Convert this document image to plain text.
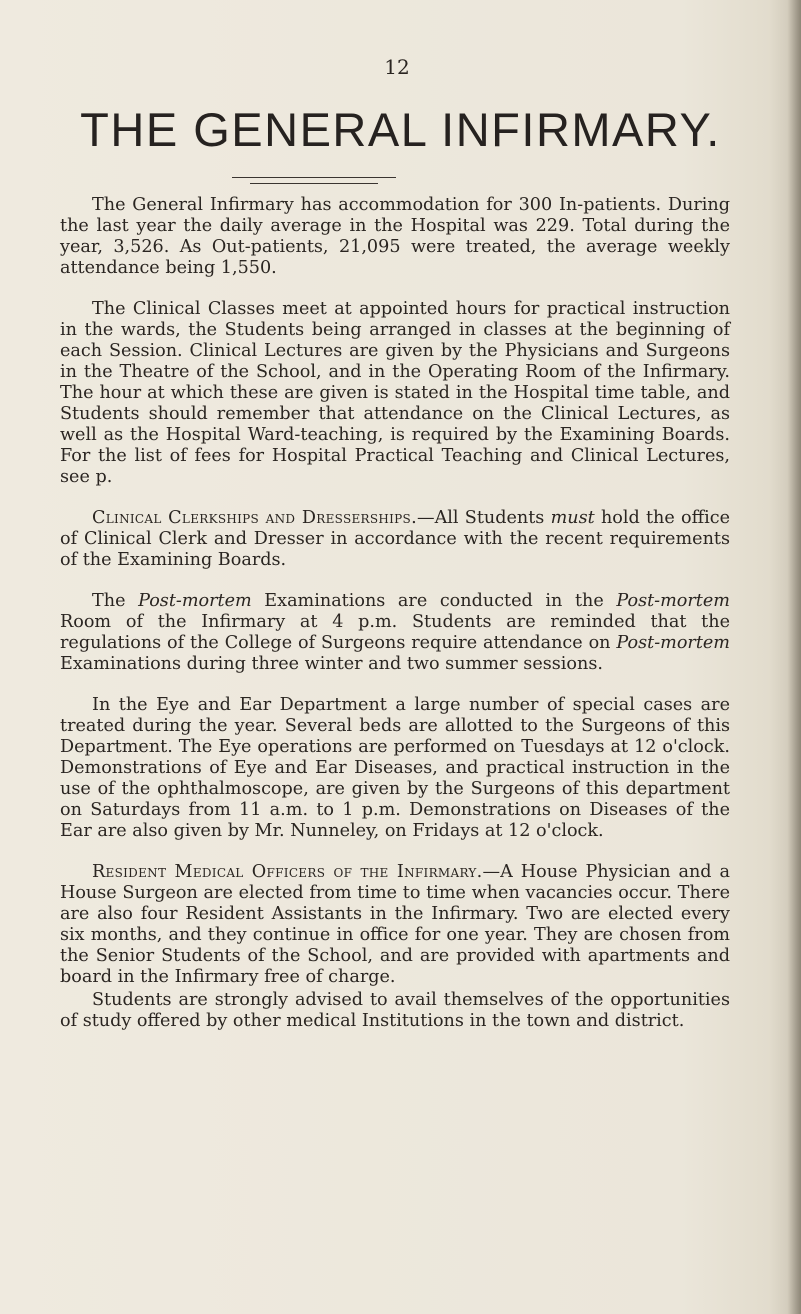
12
THE GENERAL INFIRMARY.

The General Infirmary has accommodation for 300 In-patients. During the last year the daily average in the Hospital was 229. Total during the year, 3,526. As Out-patients, 21,095 were treated, the average weekly attendance being 1,550.

The Clinical Classes meet at appointed hours for practical instruction in the wards, the Students being arranged in classes at the beginning of each Session. Clinical Lectures are given by the Physicians and Surgeons in the Theatre of the School, and in the Operating Room of the Infirmary. The hour at which these are given is stated in the Hospital time table, and Students should remember that attendance on the Clinical Lectures, as well as the Hospital Ward-teaching, is required by the Examining Boards. For the list of fees for Hospital Practical Teaching and Clinical Lectures, see p.

Clinical Clerkships and Dresserships.—All Students must hold the office of Clinical Clerk and Dresser in accordance with the recent requirements of the Examining Boards.

The Post-mortem Examinations are conducted in the Post-mortem Room of the Infirmary at 4 p.m. Students are reminded that the regulations of the College of Surgeons require attendance on Post-mortem Examinations during three winter and two summer sessions.

In the Eye and Ear Department a large number of special cases are treated during the year. Several beds are allotted to the Surgeons of this Department. The Eye operations are performed on Tuesdays at 12 o'clock. Demonstrations of Eye and Ear Diseases, and practical instruction in the use of the ophthalmoscope, are given by the Surgeons of this department on Saturdays from 11 a.m. to 1 p.m. Demonstrations on Diseases of the Ear are also given by Mr. Nunneley, on Fridays at 12 o'clock.

Resident Medical Officers of the Infirmary.—A House Physician and a House Surgeon are elected from time to time when vacancies occur. There are also four Resident Assistants in the Infirmary. Two are elected every six months, and they continue in office for one year. They are chosen from the Senior Students of the School, and are provided with apartments and board in the Infirmary free of charge.

Students are strongly advised to avail themselves of the opportunities of study offered by other medical Institutions in the town and district.
